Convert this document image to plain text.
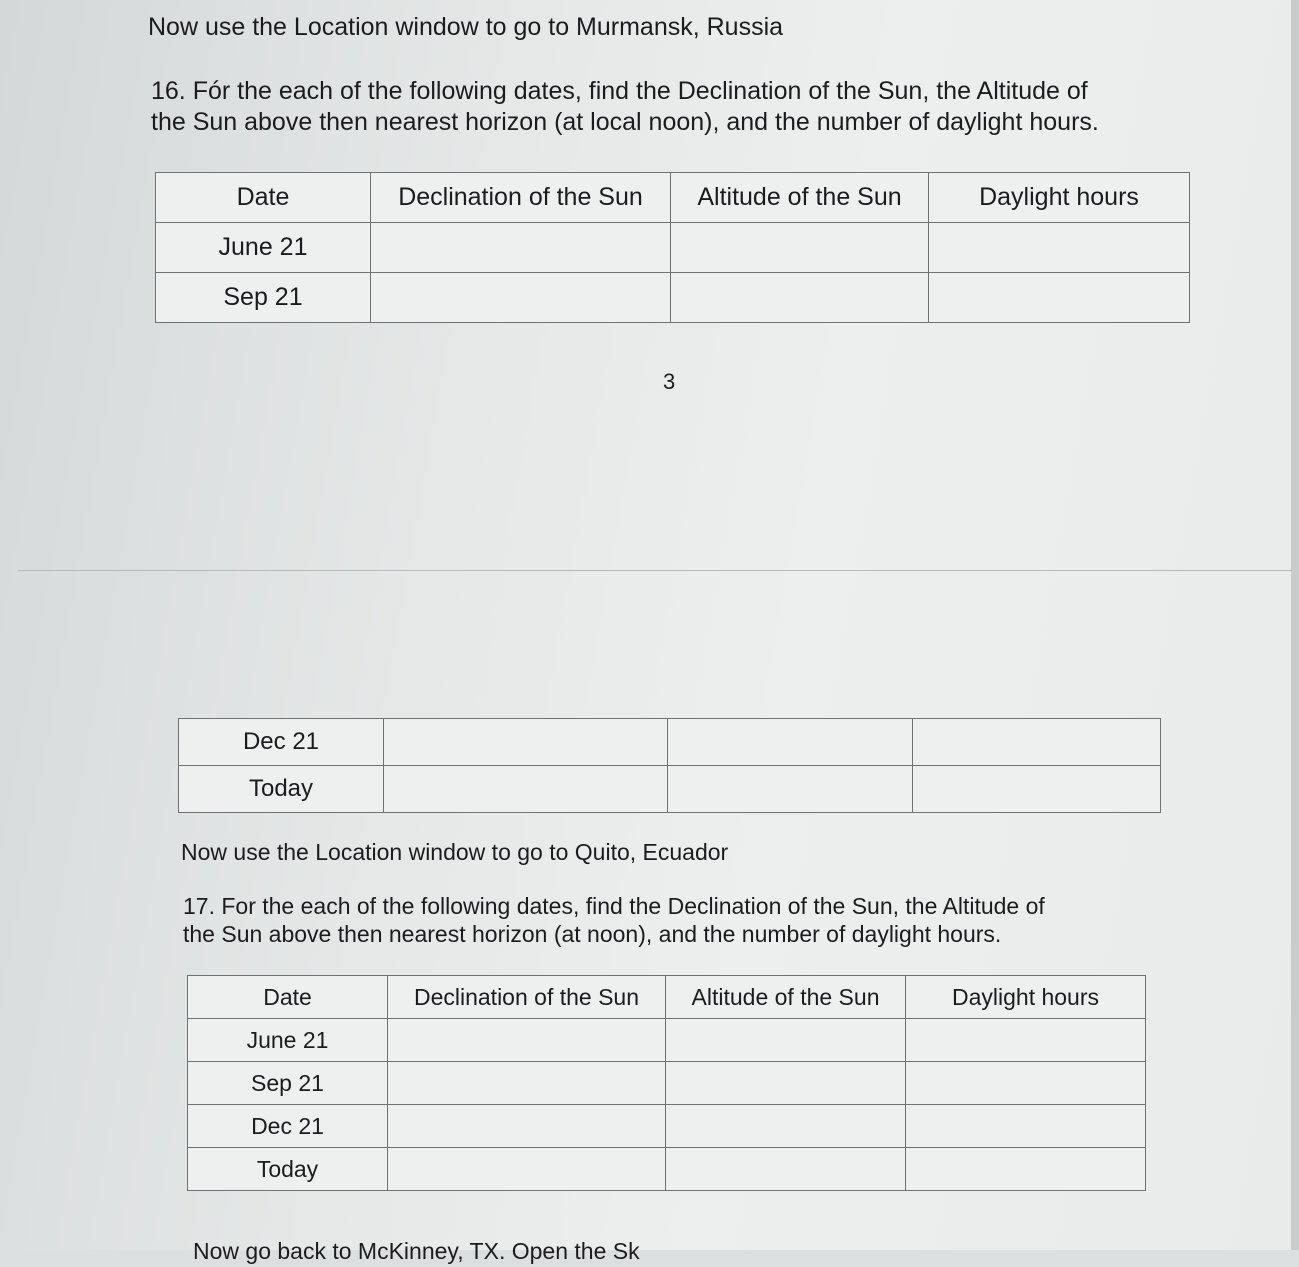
Now use the Location window to go to Murmansk, Russia

16. Fór the each of the following dates, find the Declination of the Sun, the Altitude of
the Sun above then nearest horizon (at local noon), and the number of daylight hours.
Date	Declination of the Sun	Altitude of the Sun	Daylight hours
June 21			
Sep 21			
3
Dec 21			
Today			

Now use the Location window to go to Quito, Ecuador

17. For the each of the following dates, find the Declination of the Sun, the Altitude of
the Sun above then nearest horizon (at noon), and the number of daylight hours.
Date	Declination of the Sun	Altitude of the Sun	Daylight hours
June 21			
Sep 21			
Dec 21			
Today			

Now go back to McKinney, TX. Open the Sk
